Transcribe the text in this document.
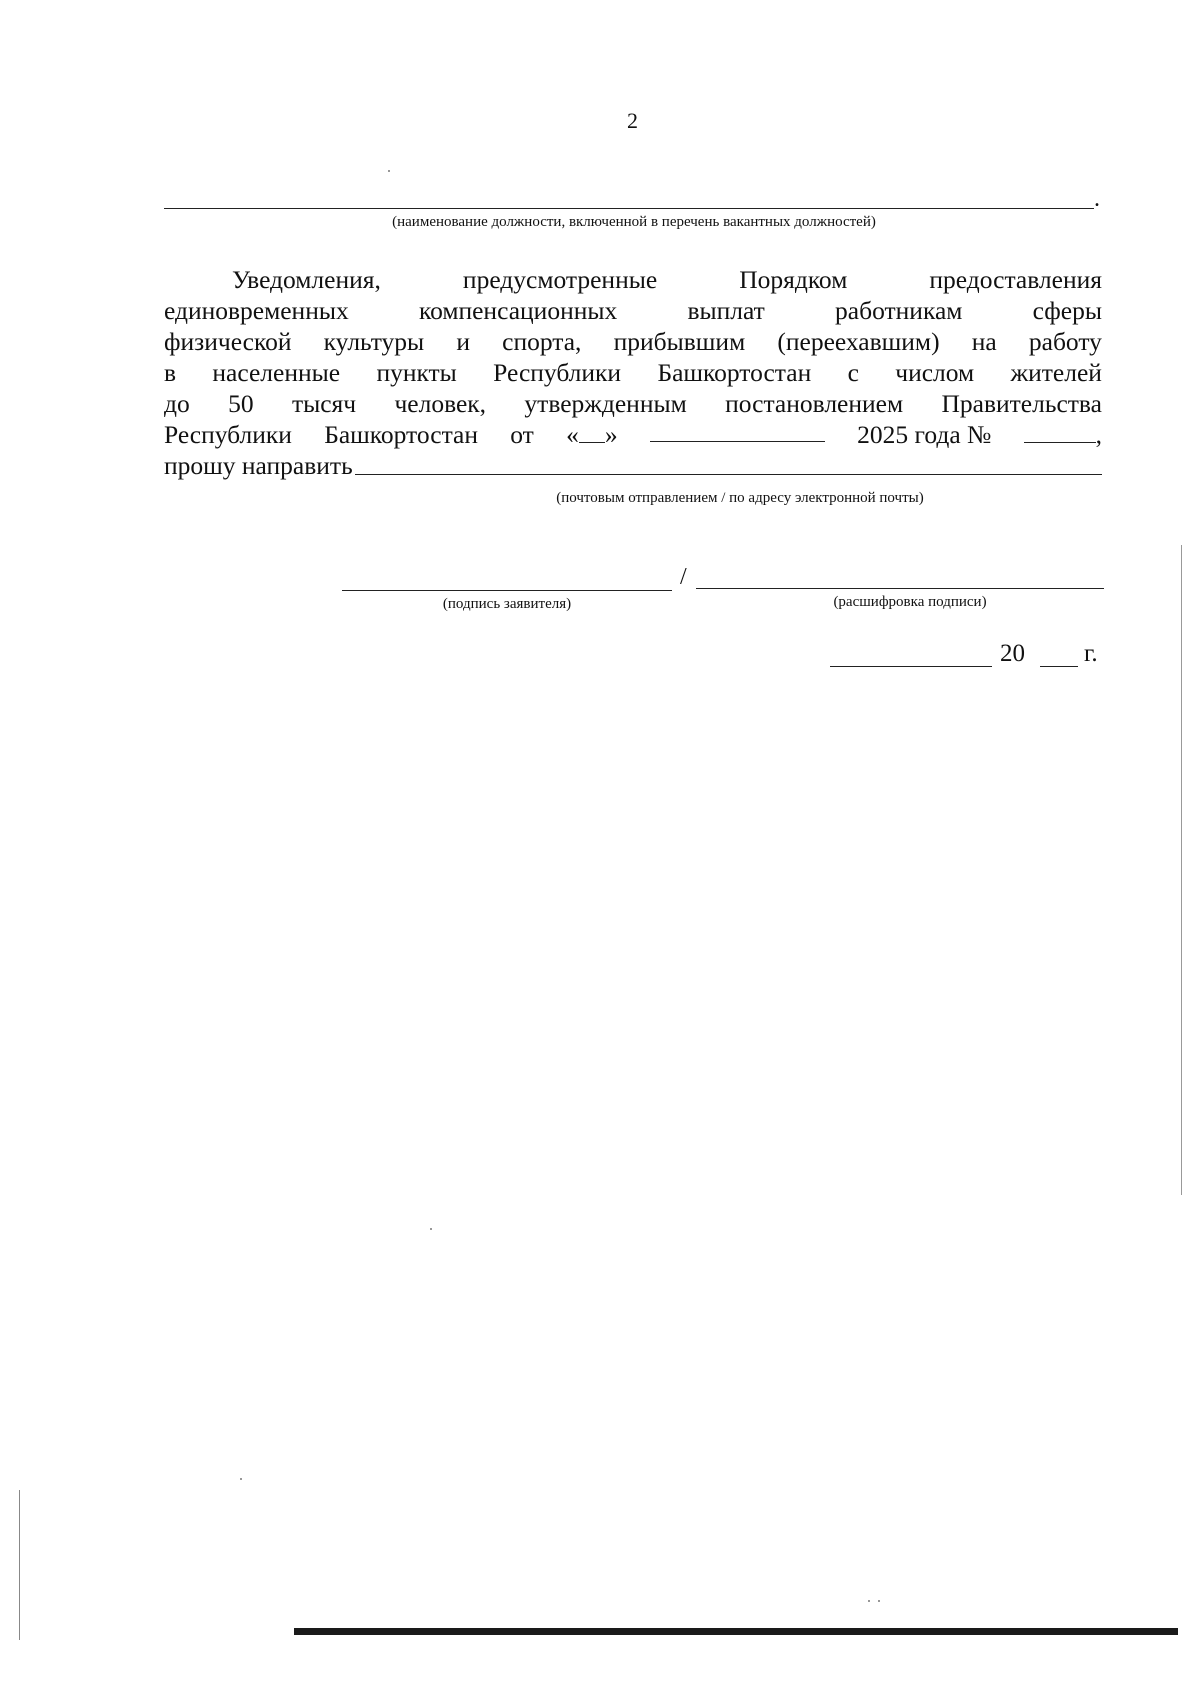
2
.
(наименование должности, включенной в перечень вакантных должностей)
Уведомления,	предусмотренные	Порядком	предоставления
единовременных	компенсационных	выплат	работникам	сферы
физической культуры и спорта, прибывшим (переехавшим) на работу
в населенные пункты Республики Башкортостан с числом жителей
до 50 тысяч человек, утвержденным постановлением Правительства
Республики Башкортостан от « »	2025 года №	,
прошу направить
(почтовым отправлением / по адресу электронной почты)
/
(подпись заявителя)	(расшифровка подписи)
20 г.
